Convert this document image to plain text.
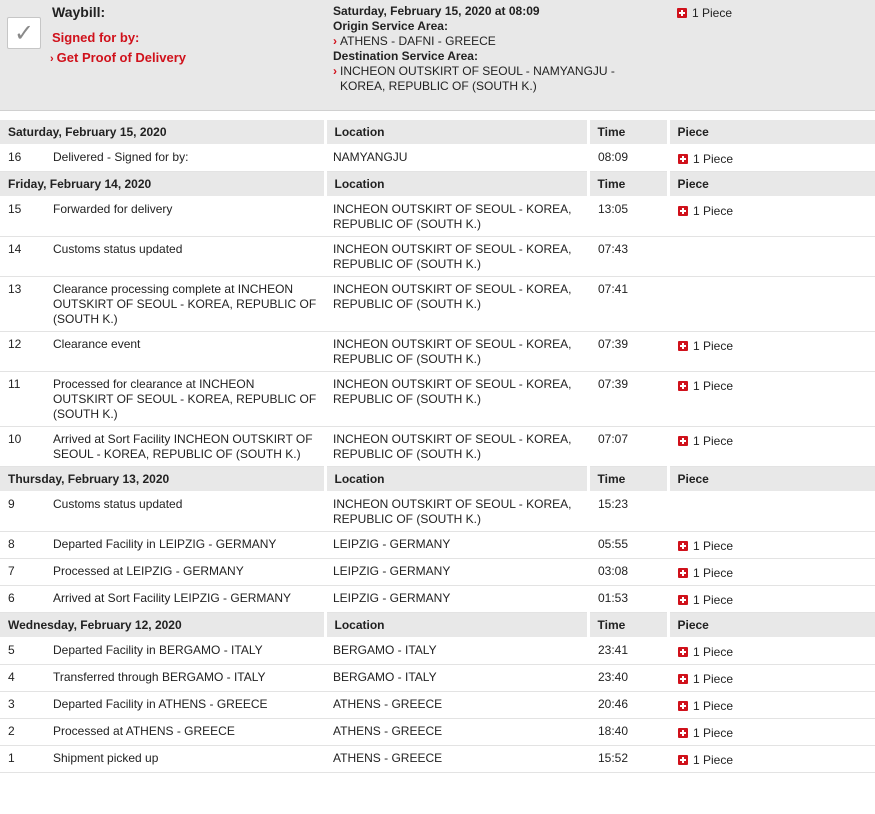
✓
Waybill:
Signed for by:
› Get Proof of Delivery
Saturday, February 15, 2020 at 08:09
Origin Service Area:
› ATHENS - DAFNI - GREECE
Destination Service Area:
› INCHEON OUTSKIRT OF SEOUL - NAMYANGJU - KOREA, REPUBLIC OF (SOUTH K.)
1 Piece
Saturday, February 15, 2020		Location	Time	Piece
16	Delivered - Signed for by:	NAMYANGJU	08:09	1 Piece
Friday, February 14, 2020		Location	Time	Piece
15	Forwarded for delivery	INCHEON OUTSKIRT OF SEOUL - KOREA, REPUBLIC OF (SOUTH K.)	13:05	1 Piece
14	Customs status updated	INCHEON OUTSKIRT OF SEOUL - KOREA, REPUBLIC OF (SOUTH K.)	07:43	
13	Clearance processing complete at INCHEON OUTSKIRT OF SEOUL - KOREA, REPUBLIC OF (SOUTH K.)	INCHEON OUTSKIRT OF SEOUL - KOREA, REPUBLIC OF (SOUTH K.)	07:41	
12	Clearance event	INCHEON OUTSKIRT OF SEOUL - KOREA, REPUBLIC OF (SOUTH K.)	07:39	1 Piece
11	Processed for clearance at INCHEON OUTSKIRT OF SEOUL - KOREA, REPUBLIC OF (SOUTH K.)	INCHEON OUTSKIRT OF SEOUL - KOREA, REPUBLIC OF (SOUTH K.)	07:39	1 Piece
10	Arrived at Sort Facility INCHEON OUTSKIRT OF SEOUL - KOREA, REPUBLIC OF (SOUTH K.)	INCHEON OUTSKIRT OF SEOUL - KOREA, REPUBLIC OF (SOUTH K.)	07:07	1 Piece
Thursday, February 13, 2020		Location	Time	Piece
9	Customs status updated	INCHEON OUTSKIRT OF SEOUL - KOREA, REPUBLIC OF (SOUTH K.)	15:23	
8	Departed Facility in LEIPZIG - GERMANY	LEIPZIG - GERMANY	05:55	1 Piece
7	Processed at LEIPZIG - GERMANY	LEIPZIG - GERMANY	03:08	1 Piece
6	Arrived at Sort Facility LEIPZIG - GERMANY	LEIPZIG - GERMANY	01:53	1 Piece
Wednesday, February 12, 2020		Location	Time	Piece
5	Departed Facility in BERGAMO - ITALY	BERGAMO - ITALY	23:41	1 Piece
4	Transferred through BERGAMO - ITALY	BERGAMO - ITALY	23:40	1 Piece
3	Departed Facility in ATHENS - GREECE	ATHENS - GREECE	20:46	1 Piece
2	Processed at ATHENS - GREECE	ATHENS - GREECE	18:40	1 Piece
1	Shipment picked up	ATHENS - GREECE	15:52	1 Piece
